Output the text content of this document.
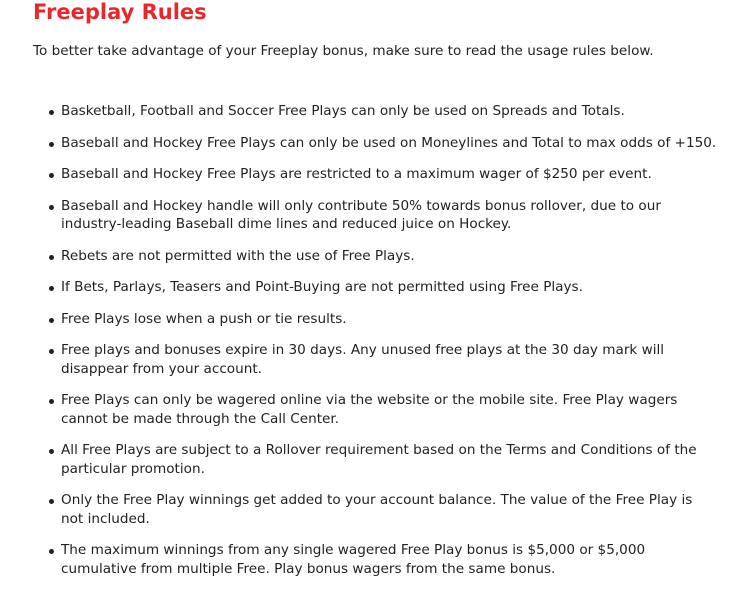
Freeplay Rules

To better take advantage of your Freeplay bonus, make sure to read the usage rules below.

Basketball, Football and Soccer Free Plays can only be used on Spreads and Totals.
Baseball and Hockey Free Plays can only be used on Moneylines and Total to max odds of +150.
Baseball and Hockey Free Plays are restricted to a maximum wager of $250 per event.
Baseball and Hockey handle will only contribute 50% towards bonus rollover, due to our industry-leading Baseball dime lines and reduced juice on Hockey.
Rebets are not permitted with the use of Free Plays.
If Bets, Parlays, Teasers and Point-Buying are not permitted using Free Plays.
Free Plays lose when a push or tie results.
Free plays and bonuses expire in 30 days. Any unused free plays at the 30 day mark will disappear from your account.
Free Plays can only be wagered online via the website or the mobile site. Free Play wagers cannot be made through the Call Center.
All Free Plays are subject to a Rollover requirement based on the Terms and Conditions of the particular promotion.
Only the Free Play winnings get added to your account balance. The value of the Free Play is not included.
The maximum winnings from any single wagered Free Play bonus is $5,000 or $5,000 cumulative from multiple Free. Play bonus wagers from the same bonus.
